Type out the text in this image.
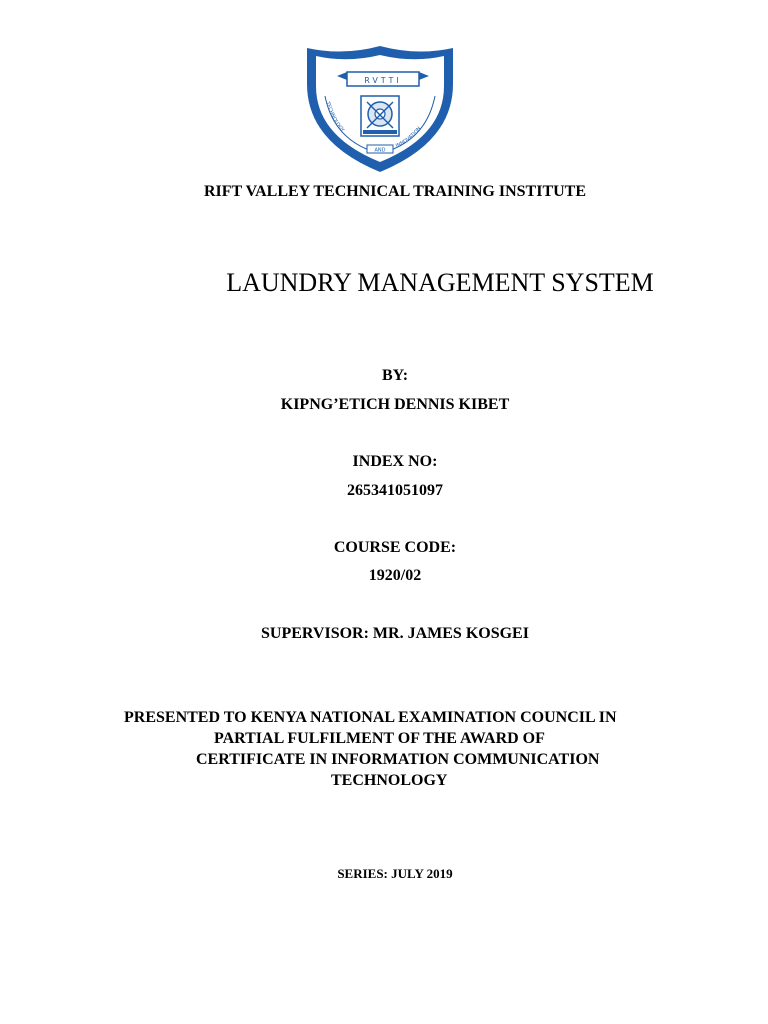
RVTTI
TECHNOLOGY
INNOVATION
AND
RIFT VALLEY TECHNICAL TRAINING INSTITUTE
LAUNDRY MANAGEMENT SYSTEM
BY:
KIPNG’ETICH DENNIS KIBET
INDEX NO:
265341051097
COURSE CODE:
1920/02
SUPERVISOR: MR. JAMES KOSGEI
PRESENTED TO KENYA NATIONAL EXAMINATION COUNCIL IN
PARTIAL FULFILMENT OF THE AWARD OF
CERTIFICATE IN INFORMATION COMMUNICATION
TECHNOLOGY
SERIES: JULY 2019
